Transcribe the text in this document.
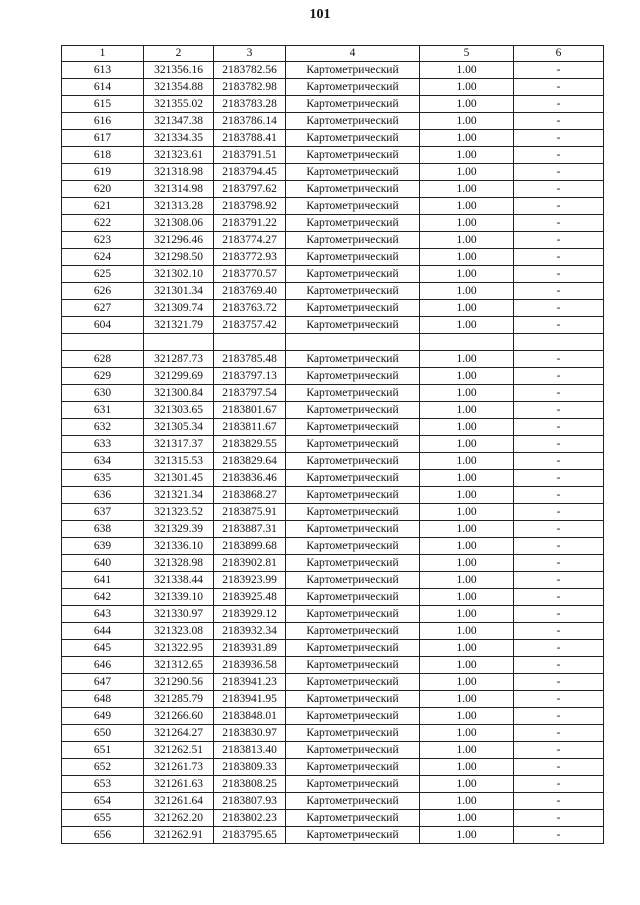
101
1	2	3	4	5	6
613	321356.16	2183782.56	Картометрический	1.00	-
614	321354.88	2183782.98	Картометрический	1.00	-
615	321355.02	2183783.28	Картометрический	1.00	-
616	321347.38	2183786.14	Картометрический	1.00	-
617	321334.35	2183788.41	Картометрический	1.00	-
618	321323.61	2183791.51	Картометрический	1.00	-
619	321318.98	2183794.45	Картометрический	1.00	-
620	321314.98	2183797.62	Картометрический	1.00	-
621	321313.28	2183798.92	Картометрический	1.00	-
622	321308.06	2183791.22	Картометрический	1.00	-
623	321296.46	2183774.27	Картометрический	1.00	-
624	321298.50	2183772.93	Картометрический	1.00	-
625	321302.10	2183770.57	Картометрический	1.00	-
626	321301.34	2183769.40	Картометрический	1.00	-
627	321309.74	2183763.72	Картометрический	1.00	-
604	321321.79	2183757.42	Картометрический	1.00	-

628	321287.73	2183785.48	Картометрический	1.00	-
629	321299.69	2183797.13	Картометрический	1.00	-
630	321300.84	2183797.54	Картометрический	1.00	-
631	321303.65	2183801.67	Картометрический	1.00	-
632	321305.34	2183811.67	Картометрический	1.00	-
633	321317.37	2183829.55	Картометрический	1.00	-
634	321315.53	2183829.64	Картометрический	1.00	-
635	321301.45	2183836.46	Картометрический	1.00	-
636	321321.34	2183868.27	Картометрический	1.00	-
637	321323.52	2183875.91	Картометрический	1.00	-
638	321329.39	2183887.31	Картометрический	1.00	-
639	321336.10	2183899.68	Картометрический	1.00	-
640	321328.98	2183902.81	Картометрический	1.00	-
641	321338.44	2183923.99	Картометрический	1.00	-
642	321339.10	2183925.48	Картометрический	1.00	-
643	321330.97	2183929.12	Картометрический	1.00	-
644	321323.08	2183932.34	Картометрический	1.00	-
645	321322.95	2183931.89	Картометрический	1.00	-
646	321312.65	2183936.58	Картометрический	1.00	-
647	321290.56	2183941.23	Картометрический	1.00	-
648	321285.79	2183941.95	Картометрический	1.00	-
649	321266.60	2183848.01	Картометрический	1.00	-
650	321264.27	2183830.97	Картометрический	1.00	-
651	321262.51	2183813.40	Картометрический	1.00	-
652	321261.73	2183809.33	Картометрический	1.00	-
653	321261.63	2183808.25	Картометрический	1.00	-
654	321261.64	2183807.93	Картометрический	1.00	-
655	321262.20	2183802.23	Картометрический	1.00	-
656	321262.91	2183795.65	Картометрический	1.00	-
